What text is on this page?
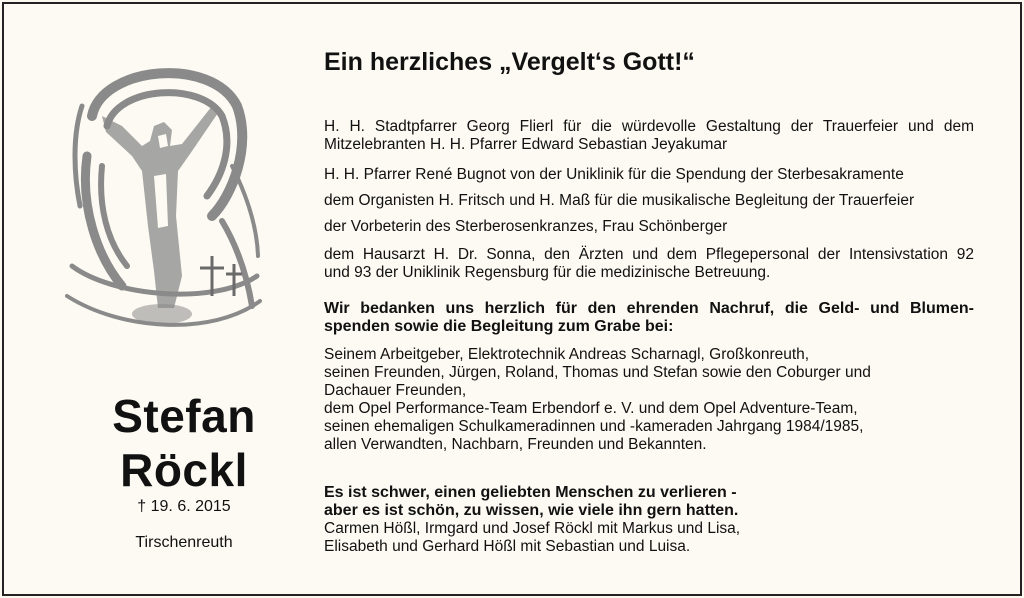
Stefan
Röckl
† 19. 6. 2015
Tirschenreuth
Ein herzliches „Vergelt‘s Gott!“
H. H. Stadtpfarrer Georg Flierl für die würdevolle Gestaltung der Trauerfeier und dem
Mitzelebranten H. H. Pfarrer Edward Sebastian Jeyakumar
H. H. Pfarrer René Bugnot von der Uniklinik für die Spendung der Sterbesakramente
dem Organisten H. Fritsch und H. Maß für die musikalische Begleitung der Trauerfeier
der Vorbeterin des Sterberosenkranzes, Frau Schönberger
dem Hausarzt H. Dr. Sonna, den Ärzten und dem Pflegepersonal der Intensivstation 92
und 93 der Uniklinik Regensburg für die medizinische Betreuung.
Wir bedanken uns herzlich für den ehrenden Nachruf, die Geld- und Blumen-
spenden sowie die Begleitung zum Grabe bei:
Seinem Arbeitgeber, Elektrotechnik Andreas Scharnagl, Großkonreuth,
seinen Freunden, Jürgen, Roland, Thomas und Stefan sowie den Coburger und
Dachauer Freunden,
dem Opel Performance-Team Erbendorf e. V. und dem Opel Adventure-Team,
seinen ehemaligen Schulkameradinnen und -kameraden Jahrgang 1984/1985,
allen Verwandten, Nachbarn, Freunden und Bekannten.
Es ist schwer, einen geliebten Menschen zu verlieren -
aber es ist schön, zu wissen, wie viele ihn gern hatten.
Carmen Hößl, Irmgard und Josef Röckl mit Markus und Lisa,
Elisabeth und Gerhard Hößl mit Sebastian und Luisa.
